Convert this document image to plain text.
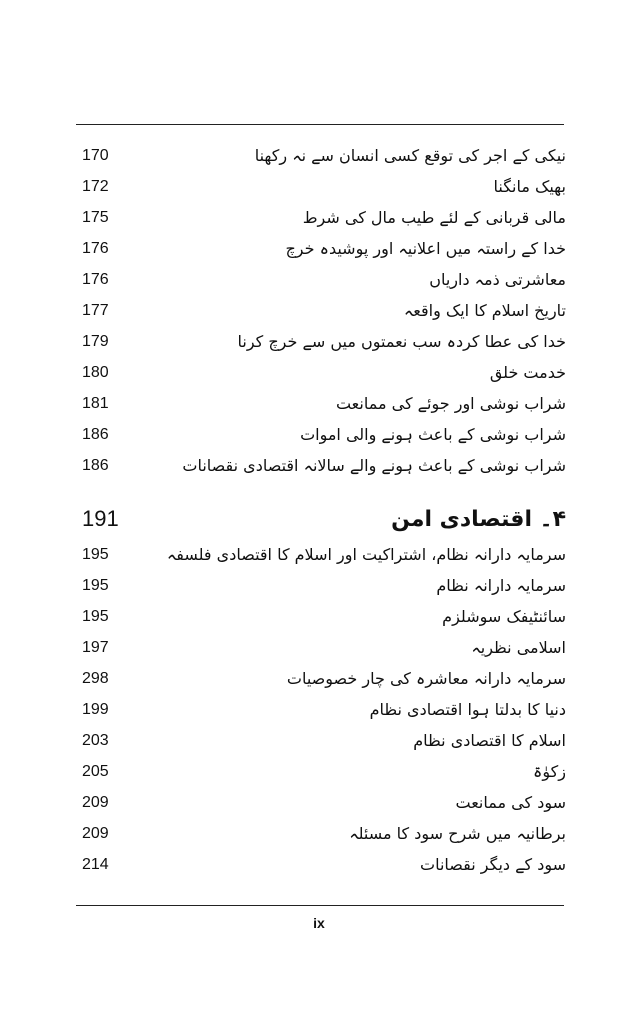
170	نیکی کے اجر کی توقع کسی انسان سے نہ رکھنا
172	بھیک مانگنا
175	مالی قربانی کے لئے طیب مال کی شرط
176	خدا کے راستہ میں اعلانیہ اور پوشیدہ خرچ
176	معاشرتی ذمہ داریاں
177	تاریخ اسلام کا ایک واقعہ
179	خدا کی عطا کردہ سب نعمتوں میں سے خرچ کرنا
180	خدمت خلق
181	شراب نوشی اور جوئے کی ممانعت
186	شراب نوشی کے باعث ہونے والی اموات
186	شراب نوشی کے باعث ہونے والے سالانہ اقتصادی نقصانات
191	۴۔ اقتصادی امن
195	سرمایہ دارانہ نظام، اشتراکیت اور اسلام کا اقتصادی فلسفہ
195	سرمایہ دارانہ نظام
195	سائنٹیفک سوشلزم
197	اسلامی نظریہ
298	سرمایہ دارانہ معاشرہ کی چار خصوصیات
199	دنیا کا بدلتا ہوا اقتصادی نظام
203	اسلام کا اقتصادی نظام
205	زکوٰۃ
209	سود کی ممانعت
209	برطانیہ میں شرح سود کا مسئلہ
214	سود کے دیگر نقصانات
ix
